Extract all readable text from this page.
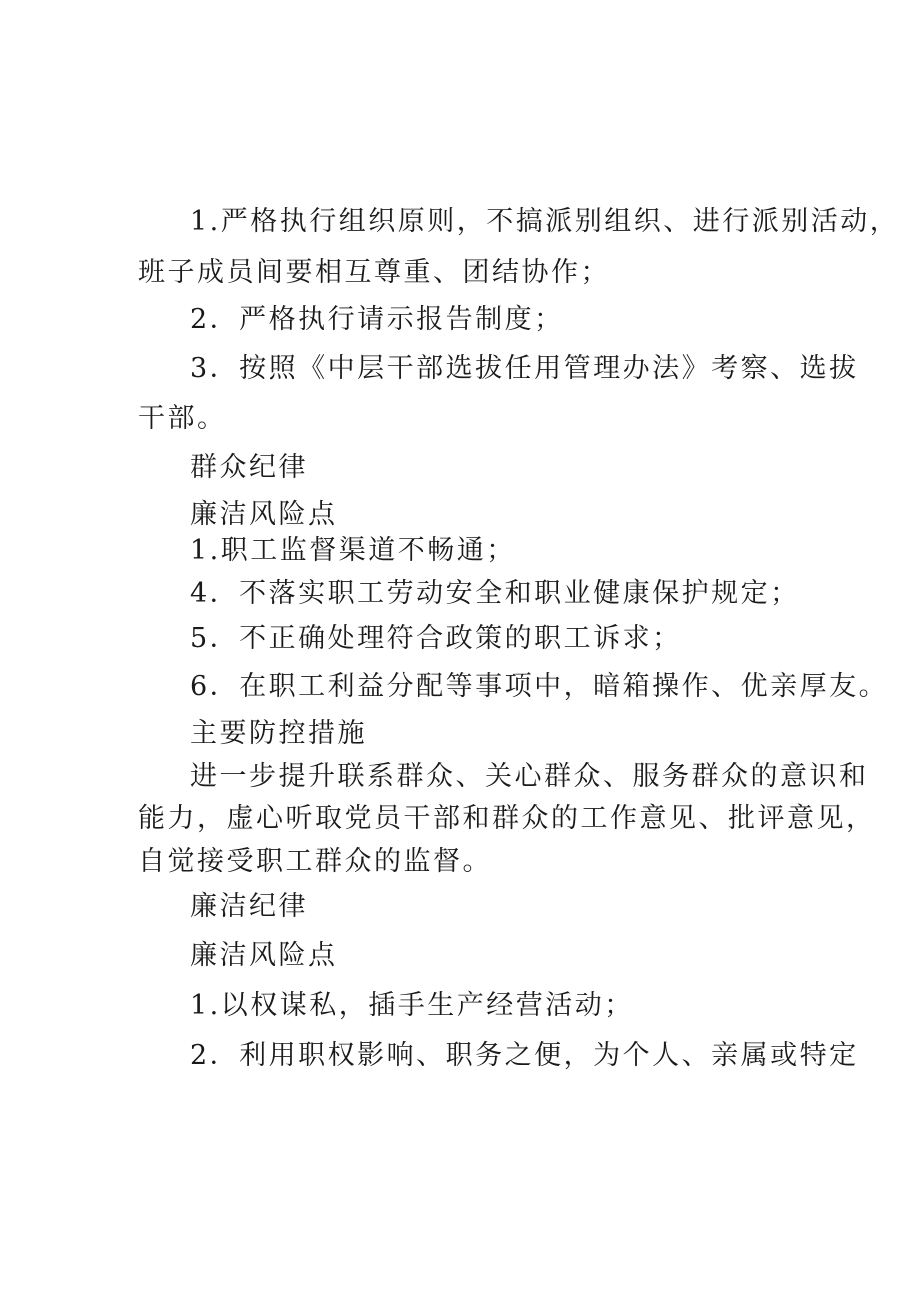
1.严格执行组织原则，不搞派别组织、进行派别活动，
班子成员间要相互尊重、团结协作；
2．严格执行请示报告制度；
3．按照《中层干部选拔任用管理办法》考察、选拔
干部。
群众纪律
廉洁风险点
1.职工监督渠道不畅通；
4．不落实职工劳动安全和职业健康保护规定；
5．不正确处理符合政策的职工诉求；
6．在职工利益分配等事项中，暗箱操作、优亲厚友。
主要防控措施
进一步提升联系群众、关心群众、服务群众的意识和
能力，虚心听取党员干部和群众的工作意见、批评意见，
自觉接受职工群众的监督。
廉洁纪律
廉洁风险点
1.以权谋私，插手生产经营活动；
2．利用职权影响、职务之便，为个人、亲属或特定
